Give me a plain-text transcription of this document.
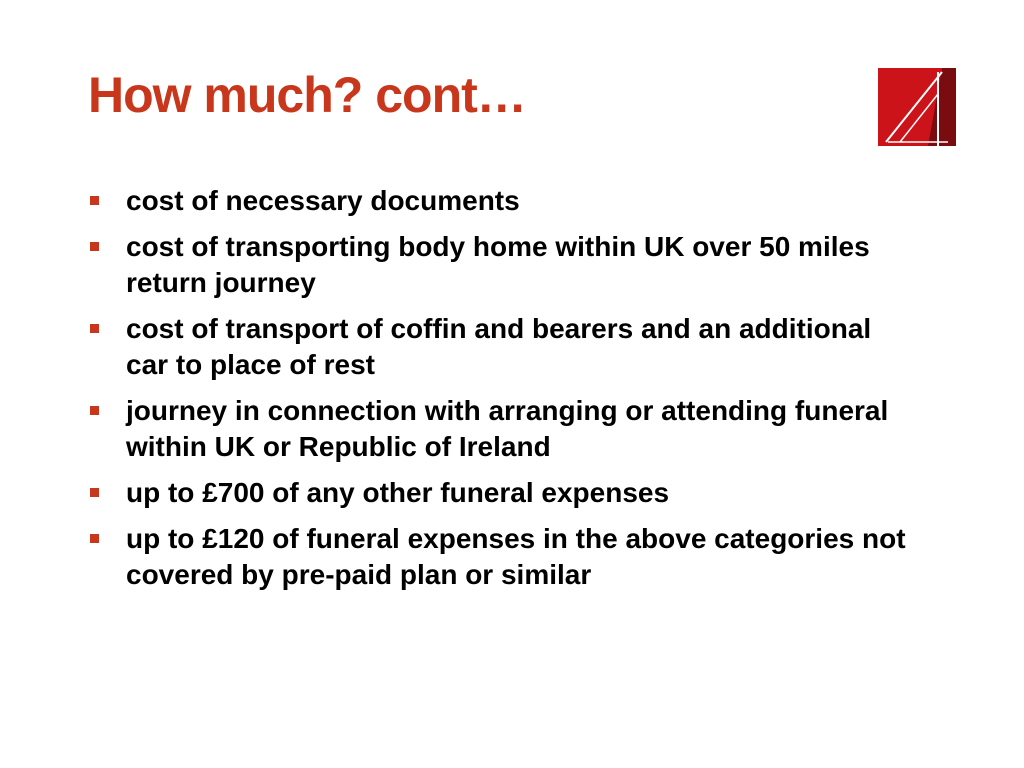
How much? cont…
cost of necessary documents
cost of transporting body home within UK over 50 miles return journey
cost of transport of coffin and bearers and an additional car to place of rest
journey in connection with arranging or attending funeral within UK or Republic of Ireland
up to £700 of any other funeral expenses
up to £120 of funeral expenses in the above categories not covered by pre-paid plan or similar
